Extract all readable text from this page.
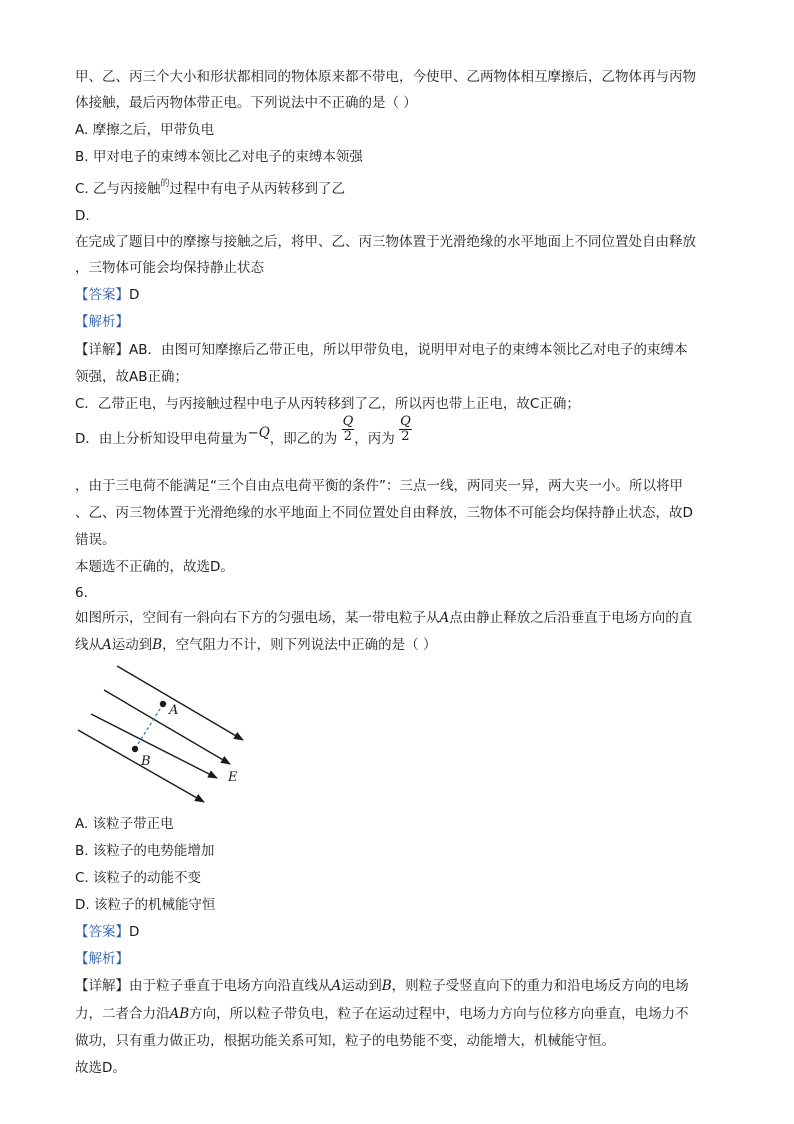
甲、乙、丙三个大小和形状都相同的物体原来都不带电，今使甲、乙两物体相互摩擦后，乙物体再与丙物
体接触，最后丙物体带正电。下列说法中不正确的是（ ）
A. 摩擦之后，甲带负电
B. 甲对电子的束缚本领比乙对电子的束缚本领强
C. 乙与丙接触$^的$过程中有电子从丙转移到了乙
D.
在完成了题目中的摩擦与接触之后，将甲、乙、丙三物体置于光滑绝缘的水平地面上不同位置处自由释放
，三物体可能会均保持静止状态
【答案】D
【解析】
【详解】AB．由图可知摩擦后乙带正电，所以甲带负电，说明甲对电子的束缚本领比乙对电子的束缚本
领强，故AB正确；
C．乙带正电，与丙接触过程中电子从丙转移到了乙，所以丙也带上正电，故C正确；
D．由上分析知设甲电荷量为−Q，即乙的为 $\frac{Q}{2}$ ，丙为 $\frac{Q}{2}$
，由于三电荷不能满足“三个自由点电荷平衡的条件”：三点一线，两同夹一异，两大夹一小。所以将甲
、乙、丙三物体置于光滑绝缘的水平地面上不同位置处自由释放，三物体不可能会均保持静止状态，故D
错误。
本题选不正确的，故选D。
6.
如图所示，空间有一斜向右下方的匀强电场，某一带电粒子从A点由静止释放之后沿垂直于电场方向的直
线从A运动到B，空气阻力不计，则下列说法中正确的是（ ）
A
B
E
A. 该粒子带正电
B. 该粒子的电势能增加
C. 该粒子的动能不变
D. 该粒子的机械能守恒
【答案】D
【解析】
【详解】由于粒子垂直于电场方向沿直线从A运动到B，则粒子受竖直向下的重力和沿电场反方向的电场
力，二者合力沿AB方向，所以粒子带负电，粒子在运动过程中，电场力方向与位移方向垂直，电场力不
做功，只有重力做正功，根据功能关系可知，粒子的电势能不变，动能增大，机械能守恒。
故选D。
